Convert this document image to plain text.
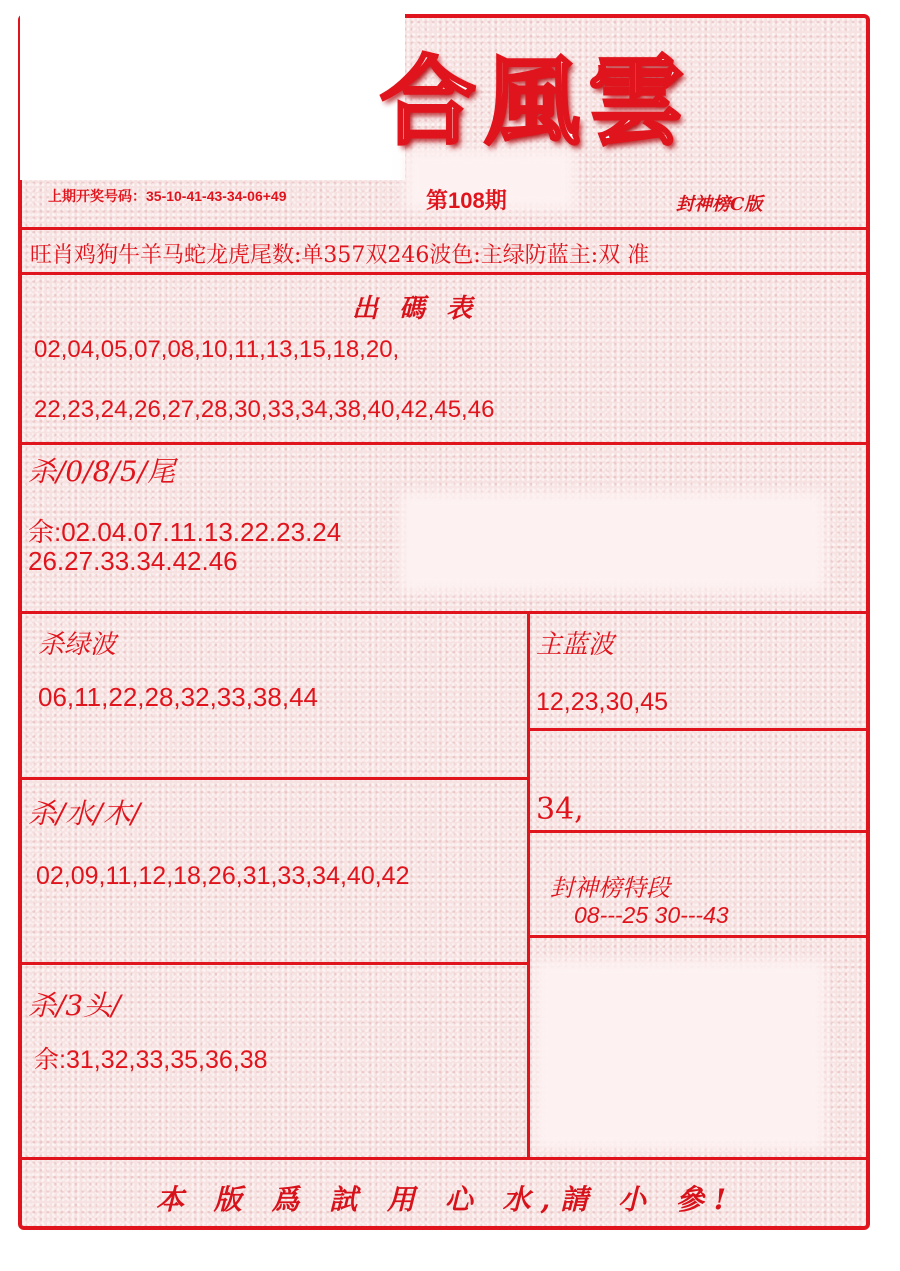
合風雲
封神榜C版
上期开奖号码：35-10-41-43-34-06+49	第108期
旺肖鸡狗牛羊马蛇龙虎尾数:单357双246波色:主绿防蓝主:双 准
出 碼 表
02,04,05,07,08,10,11,13,15,18,20,
22,23,24,26,27,28,30,33,34,38,40,42,45,46
杀/0/8/5/尾
余:02.04.07.11.13.22.23.24
26.27.33.34.42.46
杀绿波
06,11,22,28,32,33,38,44
杀/水/木/
02,09,11,12,18,26,31,33,34,40,42
杀/3头/
余:31,32,33,35,36,38
主蓝波
12,23,30,45
34,
封神榜特段
08---25 30---43
本 版 爲 試 用 心 水,請 小 參!
